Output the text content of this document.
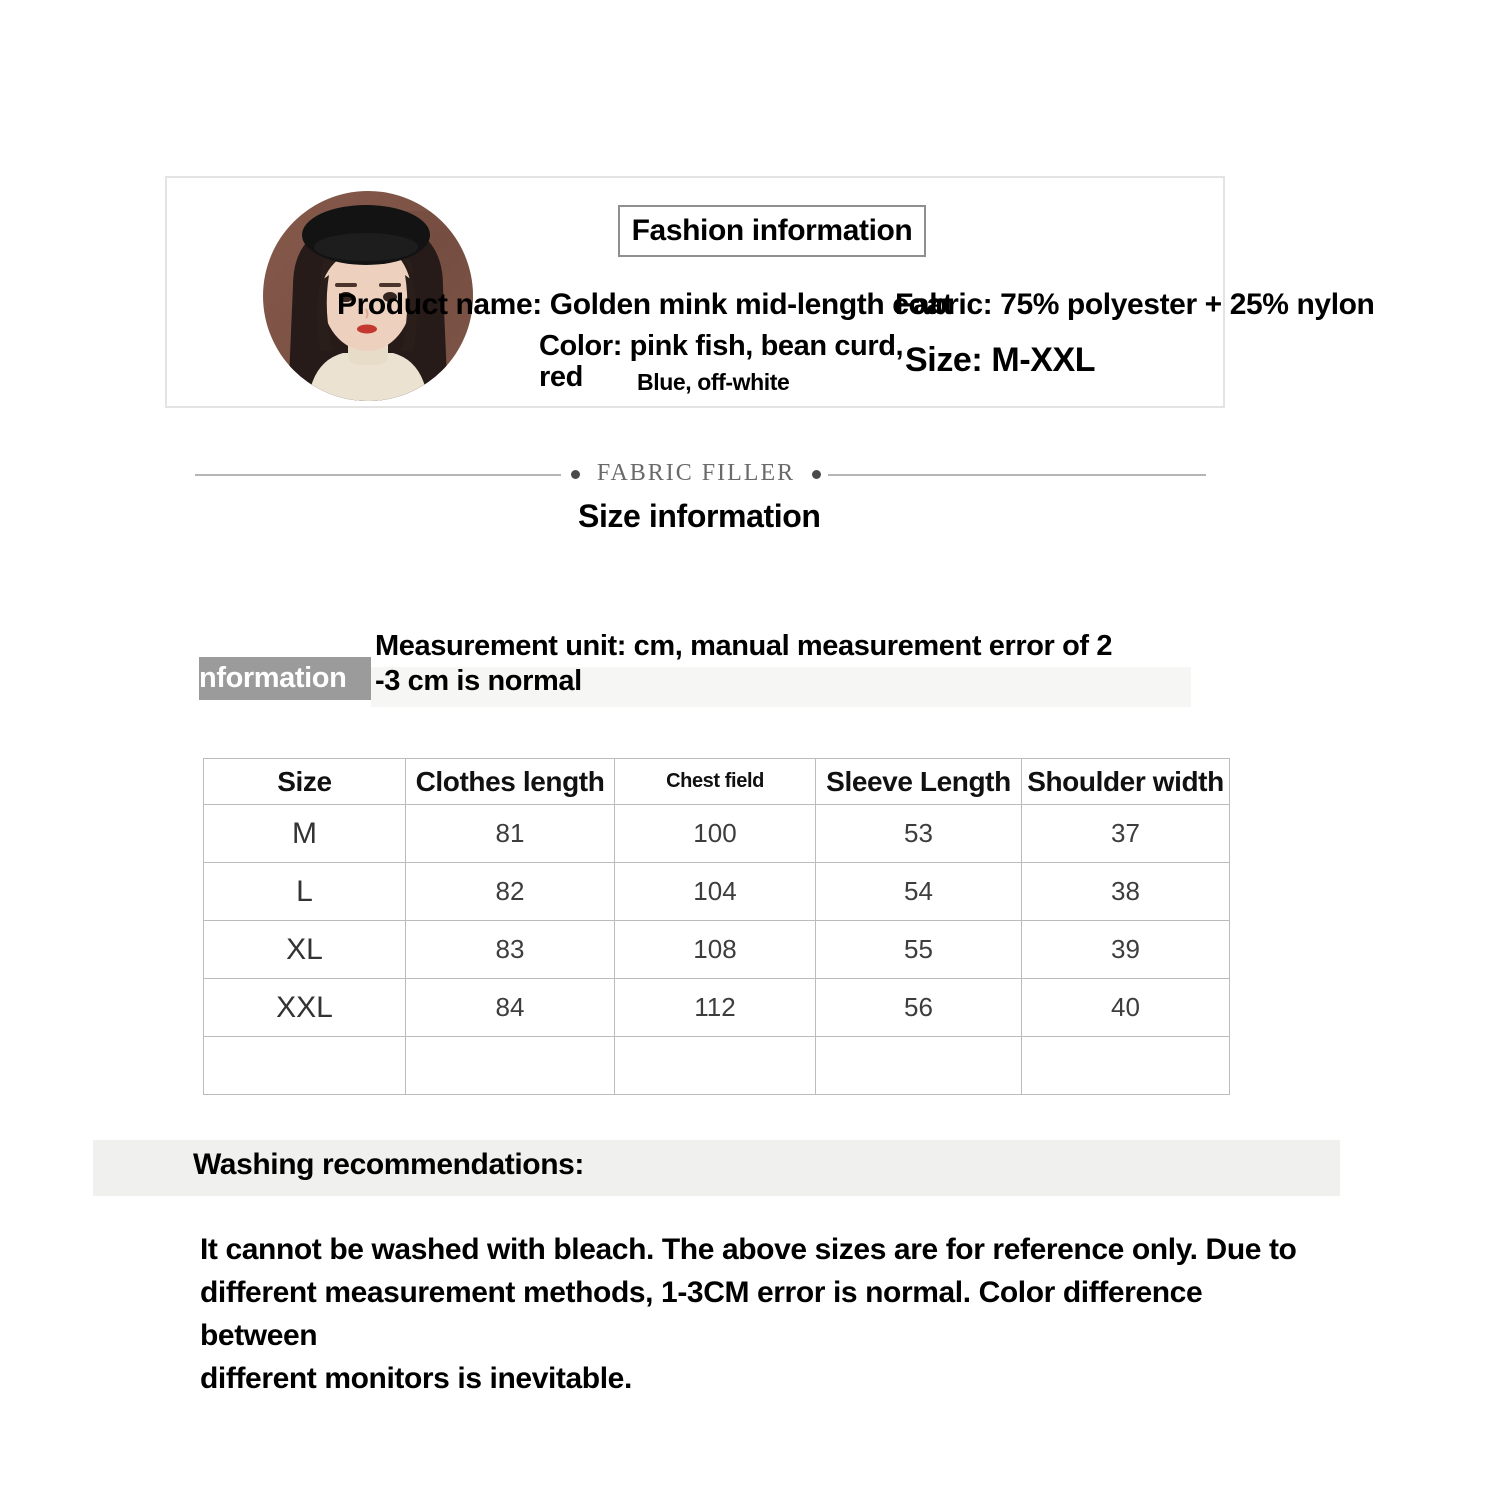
Fashion information
Product name: Golden mink mid-length coat
Fabric: 75% polyester + 25% nylon
Color: pink fish, bean curd,
red Blue, off-white
Size: M-XXL
FABRIC FILLER
Size information
nformation
Measurement unit: cm, manual measurement error of 2
-3 cm is normal
Size	Clothes length	Chest field	Sleeve Length	Shoulder width
M	81	100	53	37
L	82	104	54	38
XL	83	108	55	39
XXL	84	112	56	40

Washing recommendations:
It cannot be washed with bleach. The above sizes are for reference only. Due to
different measurement methods, 1-3CM error is normal. Color difference between
different monitors is inevitable.
